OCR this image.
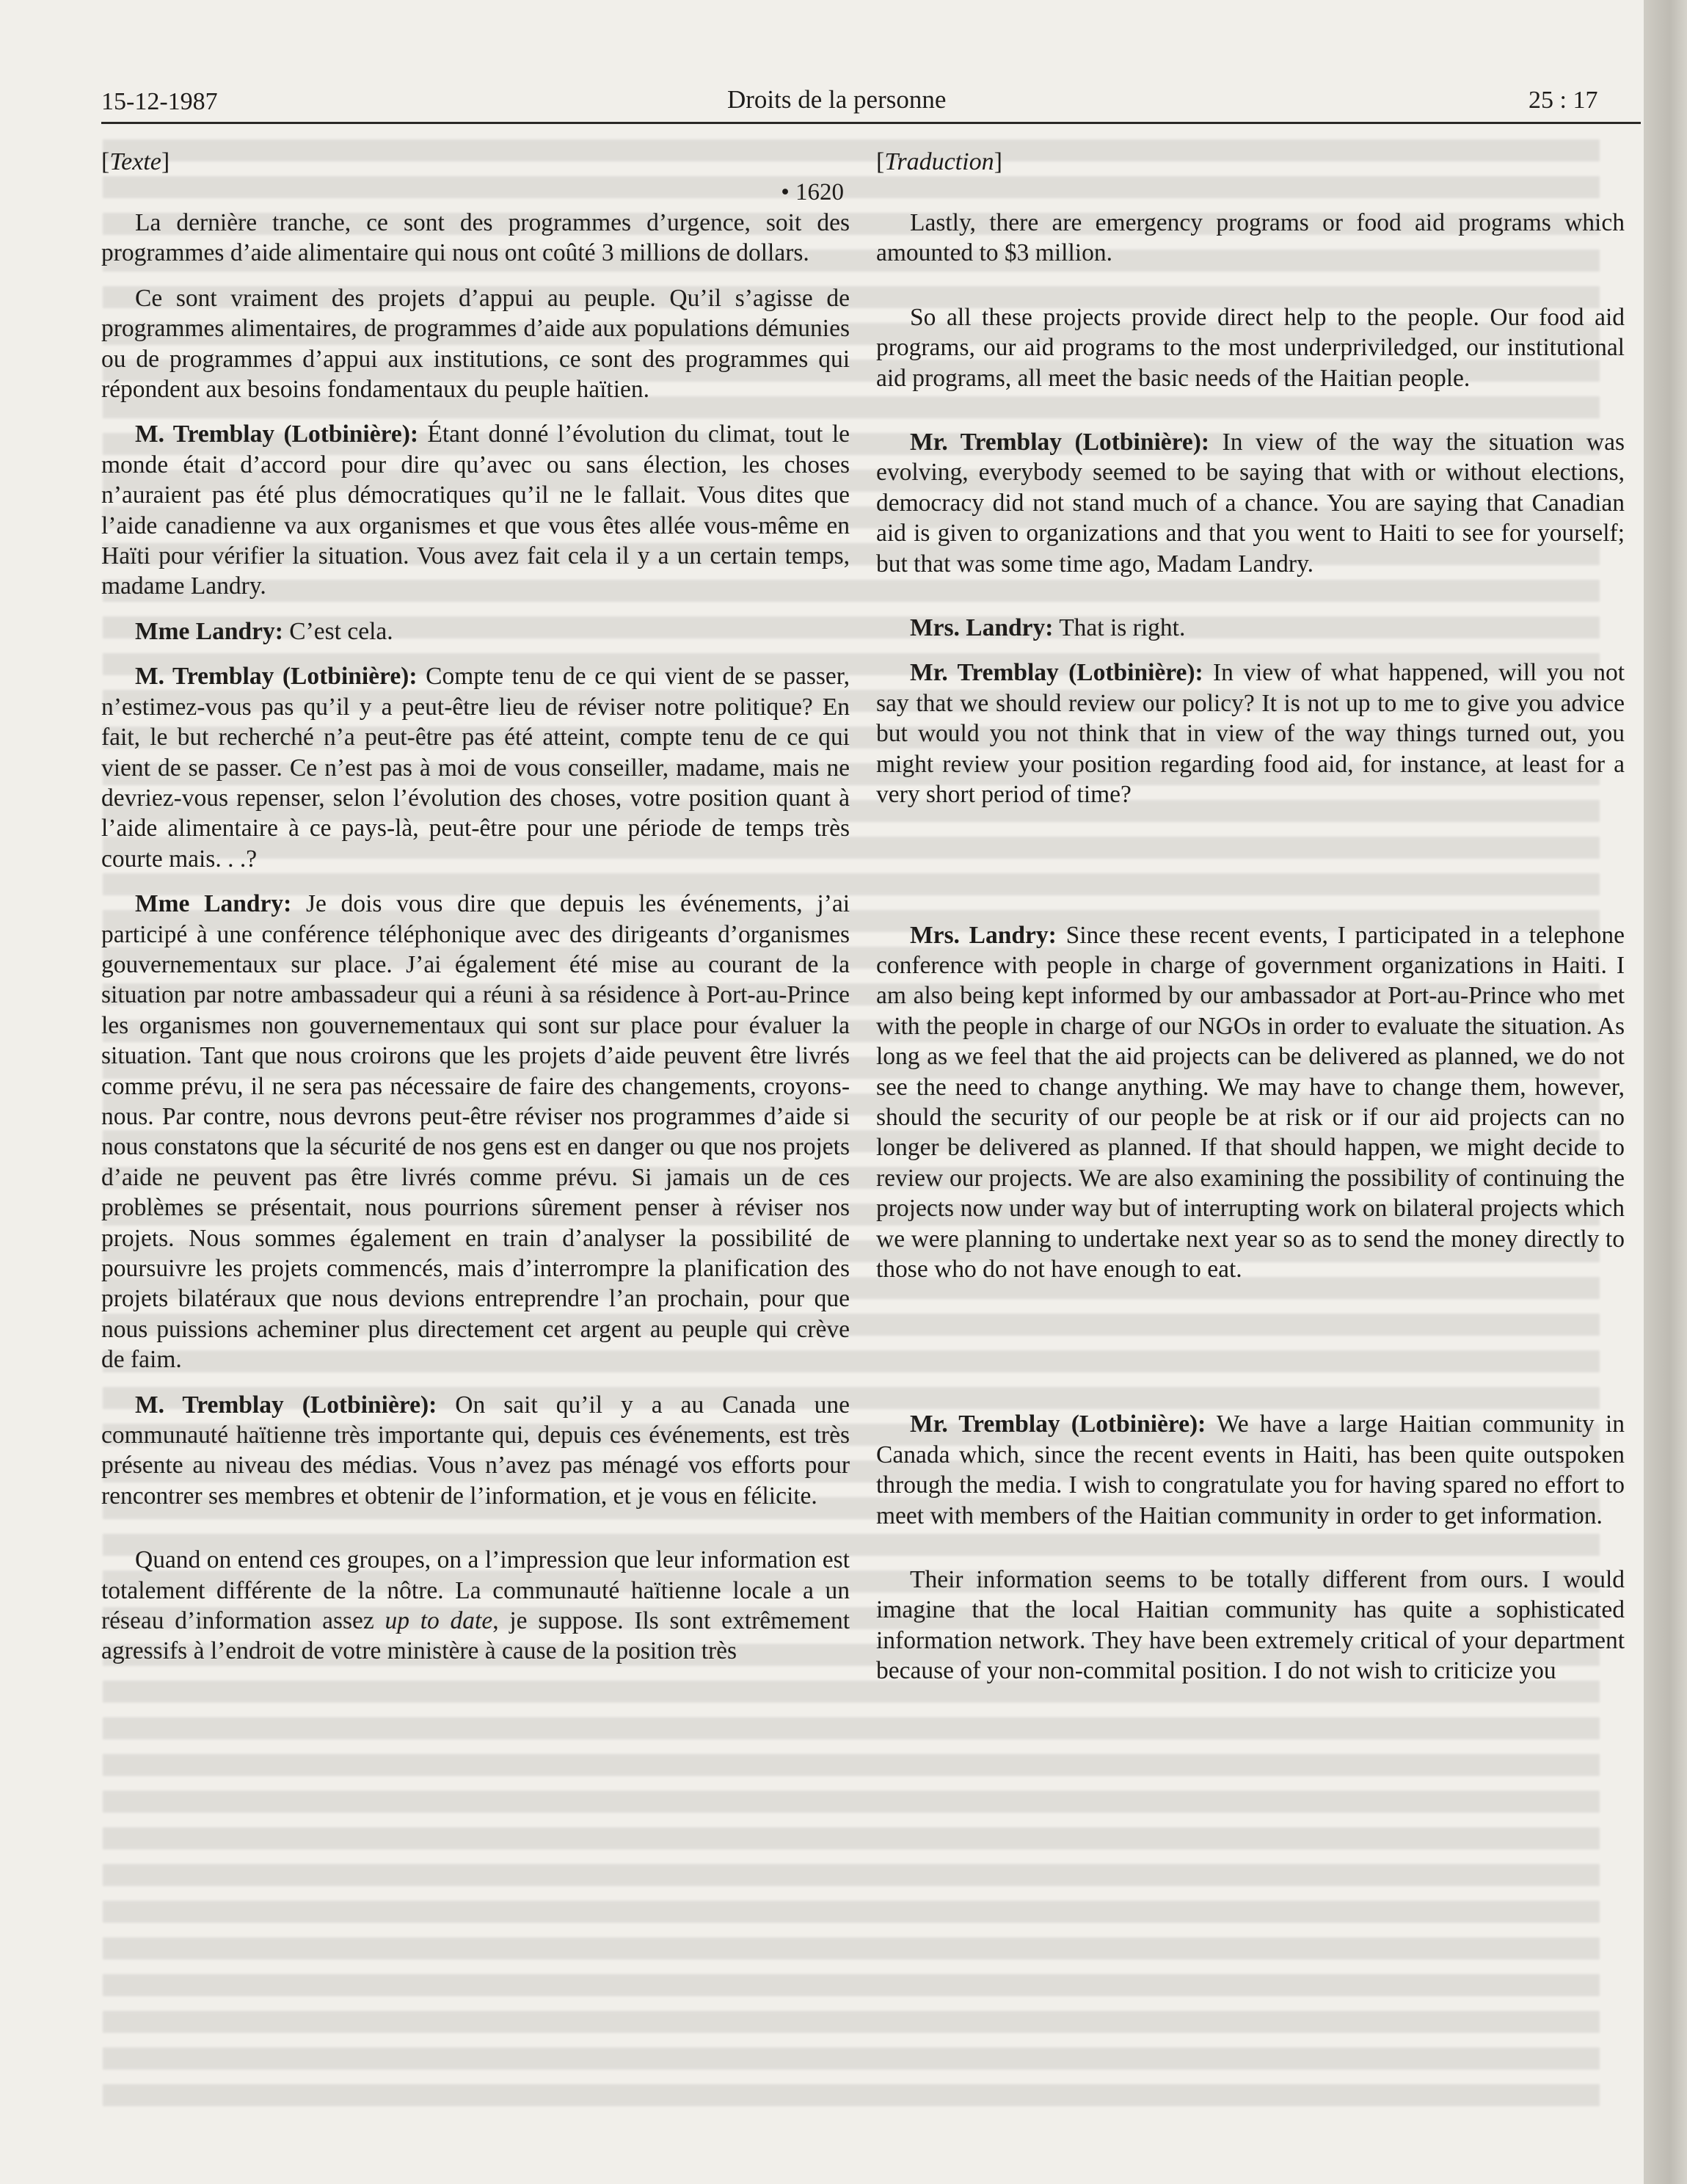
15-12-1987	Droits de la personne	25 : 17

[Texte]

• 1620

La dernière tranche, ce sont des programmes d’urgence, soit des programmes d’aide alimentaire qui nous ont coûté 3 millions de dollars.

Ce sont vraiment des projets d’appui au peuple. Qu’il s’agisse de programmes alimentaires, de programmes d’aide aux populations démunies ou de programmes d’appui aux institutions, ce sont des programmes qui répondent aux besoins fondamentaux du peuple haïtien.

M. Tremblay (Lotbinière): Étant donné l’évolution du climat, tout le monde était d’accord pour dire qu’avec ou sans élection, les choses n’auraient pas été plus démocratiques qu’il ne le fallait. Vous dites que l’aide canadienne va aux organismes et que vous êtes allée vous-même en Haïti pour vérifier la situation. Vous avez fait cela il y a un certain temps, madame Landry.

Mme Landry: C’est cela.

M. Tremblay (Lotbinière): Compte tenu de ce qui vient de se passer, n’estimez-vous pas qu’il y a peut-être lieu de réviser notre politique? En fait, le but recherché n’a peut-être pas été atteint, compte tenu de ce qui vient de se passer. Ce n’est pas à moi de vous conseiller, madame, mais ne devriez-vous repenser, selon l’évolution des choses, votre position quant à l’aide alimentaire à ce pays-là, peut-être pour une période de temps très courte mais. . .?

Mme Landry: Je dois vous dire que depuis les événements, j’ai participé à une conférence téléphonique avec des dirigeants d’organismes gouvernementaux sur place. J’ai également été mise au courant de la situation par notre ambassadeur qui a réuni à sa résidence à Port-au-Prince les organismes non gouvernementaux qui sont sur place pour évaluer la situation. Tant que nous croirons que les projets d’aide peuvent être livrés comme prévu, il ne sera pas nécessaire de faire des changements, croyons-nous. Par contre, nous devrons peut-être réviser nos programmes d’aide si nous constatons que la sécurité de nos gens est en danger ou que nos projets d’aide ne peuvent pas être livrés comme prévu. Si jamais un de ces problèmes se présentait, nous pourrions sûrement penser à réviser nos projets. Nous sommes également en train d’analyser la possibilité de poursuivre les projets commencés, mais d’interrompre la planification des projets bilatéraux que nous devions entreprendre l’an prochain, pour que nous puissions acheminer plus directement cet argent au peuple qui crève de faim.

M. Tremblay (Lotbinière): On sait qu’il y a au Canada une communauté haïtienne très importante qui, depuis ces événements, est très présente au niveau des médias. Vous n’avez pas ménagé vos efforts pour rencontrer ses membres et obtenir de l’information, et je vous en félicite.

Quand on entend ces groupes, on a l’impression que leur information est totalement différente de la nôtre. La communauté haïtienne locale a un réseau d’information assez up to date, je suppose. Ils sont extrêmement agressifs à l’endroit de votre ministère à cause de la position très

[Traduction]

Lastly, there are emergency programs or food aid programs which amounted to $3 million.

So all these projects provide direct help to the people. Our food aid programs, our aid programs to the most underpriviledged, our institutional aid programs, all meet the basic needs of the Haitian people.

Mr. Tremblay (Lotbinière): In view of the way the situation was evolving, everybody seemed to be saying that with or without elections, democracy did not stand much of a chance. You are saying that Canadian aid is given to organizations and that you went to Haiti to see for yourself; but that was some time ago, Madam Landry.

Mrs. Landry: That is right.

Mr. Tremblay (Lotbinière): In view of what happened, will you not say that we should review our policy? It is not up to me to give you advice but would you not think that in view of the way things turned out, you might review your position regarding food aid, for instance, at least for a very short period of time?

Mrs. Landry: Since these recent events, I participated in a telephone conference with people in charge of government organizations in Haiti. I am also being kept informed by our ambassador at Port-au-Prince who met with the people in charge of our NGOs in order to evaluate the situation. As long as we feel that the aid projects can be delivered as planned, we do not see the need to change anything. We may have to change them, however, should the security of our people be at risk or if our aid projects can no longer be delivered as planned. If that should happen, we might decide to review our projects. We are also examining the possibility of continuing the projects now under way but of interrupting work on bilateral projects which we were planning to undertake next year so as to send the money directly to those who do not have enough to eat.

Mr. Tremblay (Lotbinière): We have a large Haitian community in Canada which, since the recent events in Haiti, has been quite outspoken through the media. I wish to congratulate you for having spared no effort to meet with members of the Haitian community in order to get information.

Their information seems to be totally different from ours. I would imagine that the local Haitian community has quite a sophisticated information network. They have been extremely critical of your department because of your non-commital position. I do not wish to criticize you
